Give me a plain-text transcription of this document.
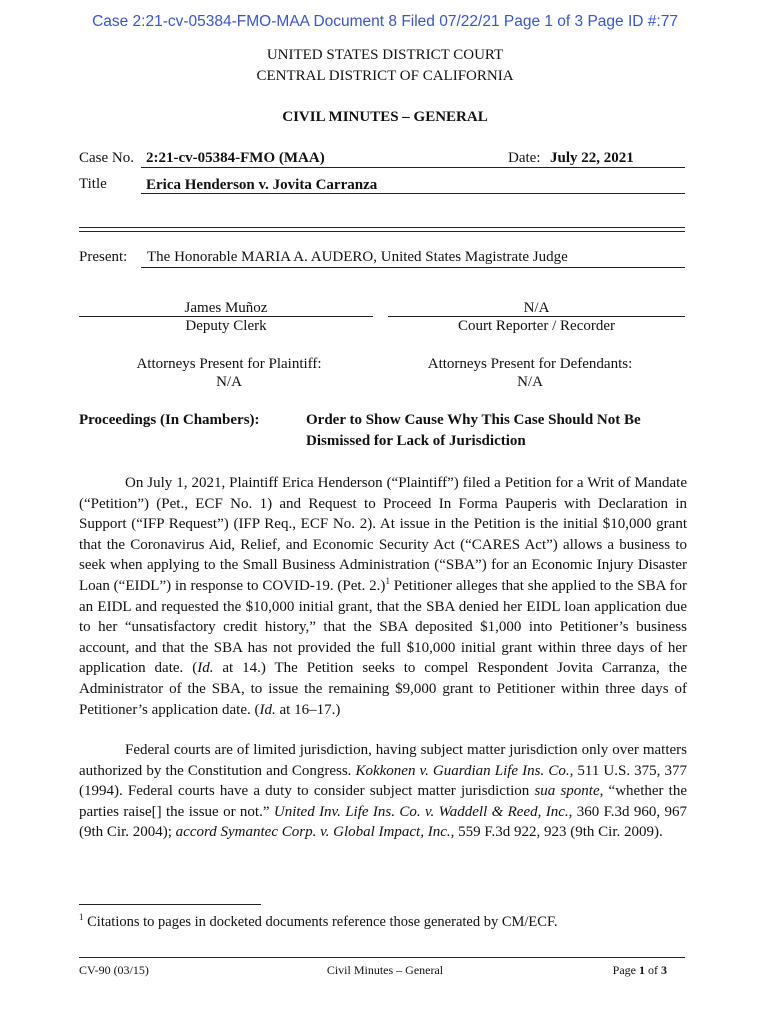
Case 2:21-cv-05384-FMO-MAA Document 8 Filed 07/22/21 Page 1 of 3 Page ID #:77
UNITED STATES DISTRICT COURT
CENTRAL DISTRICT OF CALIFORNIA
CIVIL MINUTES – GENERAL
Case No. 2:21-cv-05384-FMO (MAA)	Date: July 22, 2021
Title	Erica Henderson v. Jovita Carranza
Present: The Honorable MARIA A. AUDERO, United States Magistrate Judge
James Muñoz
Deputy Clerk
N/A
Court Reporter / Recorder
Attorneys Present for Plaintiff:
N/A
Attorneys Present for Defendants:
N/A
Proceedings (In Chambers):	Order to Show Cause Why This Case Should Not Be
Dismissed for Lack of Jurisdiction

On July 1, 2021, Plaintiff Erica Henderson (“Plaintiff”) filed a Petition for a Writ of Mandate (“Petition”) (Pet., ECF No. 1) and Request to Proceed In Forma Pauperis with Declaration in Support (“IFP Request”) (IFP Req., ECF No. 2). At issue in the Petition is the initial $10,000 grant that the Coronavirus Aid, Relief, and Economic Security Act (“CARES Act”) allows a business to seek when applying to the Small Business Administration (“SBA”) for an Economic Injury Disaster Loan (“EIDL”) in response to COVID-19. (Pet. 2.)$^1$ Petitioner alleges that she applied to the SBA for an EIDL and requested the $10,000 initial grant, that the SBA denied her EIDL loan application due to her “unsatisfactory credit history,” that the SBA deposited $1,000 into Petitioner’s business account, and that the SBA has not provided the full $10,000 initial grant within three days of her application date. (Id. at 14.) The Petition seeks to compel Respondent Jovita Carranza, the Administrator of the SBA, to issue the remaining $9,000 grant to Petitioner within three days of Petitioner’s application date. (Id. at 16–17.)

Federal courts are of limited jurisdiction, having subject matter jurisdiction only over matters authorized by the Constitution and Congress. Kokkonen v. Guardian Life Ins. Co., 511 U.S. 375, 377 (1994). Federal courts have a duty to consider subject matter jurisdiction sua sponte, “whether the parties raise[] the issue or not.” United Inv. Life Ins. Co. v. Waddell & Reed, Inc., 360 F.3d 960, 967 (9th Cir. 2004); accord Symantec Corp. v. Global Impact, Inc., 559 F.3d 922, 923 (9th Cir. 2009).

$^1$ Citations to pages in docketed documents reference those generated by CM/ECF.
CV-90 (03/15)	Civil Minutes – General	Page 1 of 3
